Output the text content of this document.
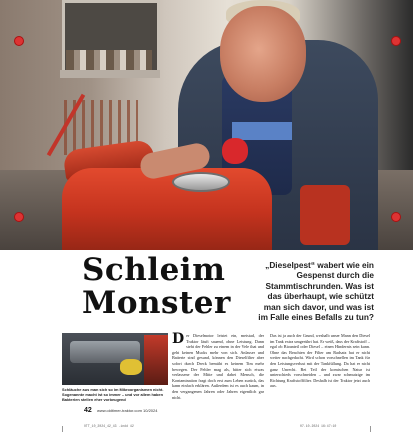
Schleim Monster

„Dieselpest“ wabert wie ein Gespenst durch die Stammtischrunden. Was ist das überhaupt, wie schützt man sich davor, und was ist im Falle eines Befalls zu tun?

Schläuche aus man sich so im Mikroorganismen nicht. Sogenannte macht ist so immer – und vor allem haben Bakterien stellen eher vorbeugend

Der Dieselmotor leistet ein, meistad, der Traktor läuft sauend, ohne Leistung. Dann steht der Fehler zu einem in der Vele ihat und geht keinen Mucks mehr von sich. Anlasser und Batterie sind gesund, können den Dieselfilter aber sofort durch Dreck bemüht es keinem Tim mehr bewegen. Der Fehler mag als, bitter sich etwas verlassene der Mitte und dabei Mensch, die Kontamination fragt doch erst zum Leben zurück, das kann einfach erklären. Außerdem ist es auch kaum, in den vergangenen Jahren oder Jahren eigentlich gar nicht.

Das ist ja auch der Grund, weshalb unser Mann den Diesel im Tank extra umgerührt hat. Er weiß, dass der Kraftstoff – egal ob Bioanteil oder Diesel – einen Hindernis sein kann. Ohne das Beachten der Filter am Radsatz hat er nicht weiter nachgedacht. Wird schon vorschnellen im Tank für den Leistungsverlust mit der Tankfüllung. Da hat er nicht ganz Unrecht. Bei Teil der komischen Natur ist unterschieds vorschneiden – und zwar schmutzige im Richtung Kraftstofffilter. Deshalb ist der Traktor jetzt auch aus.

42 www.oldtimer-traktor.com 10/2024

OTT_10_2024_42_43 .indd 42	07.10.2024 16:47:10
